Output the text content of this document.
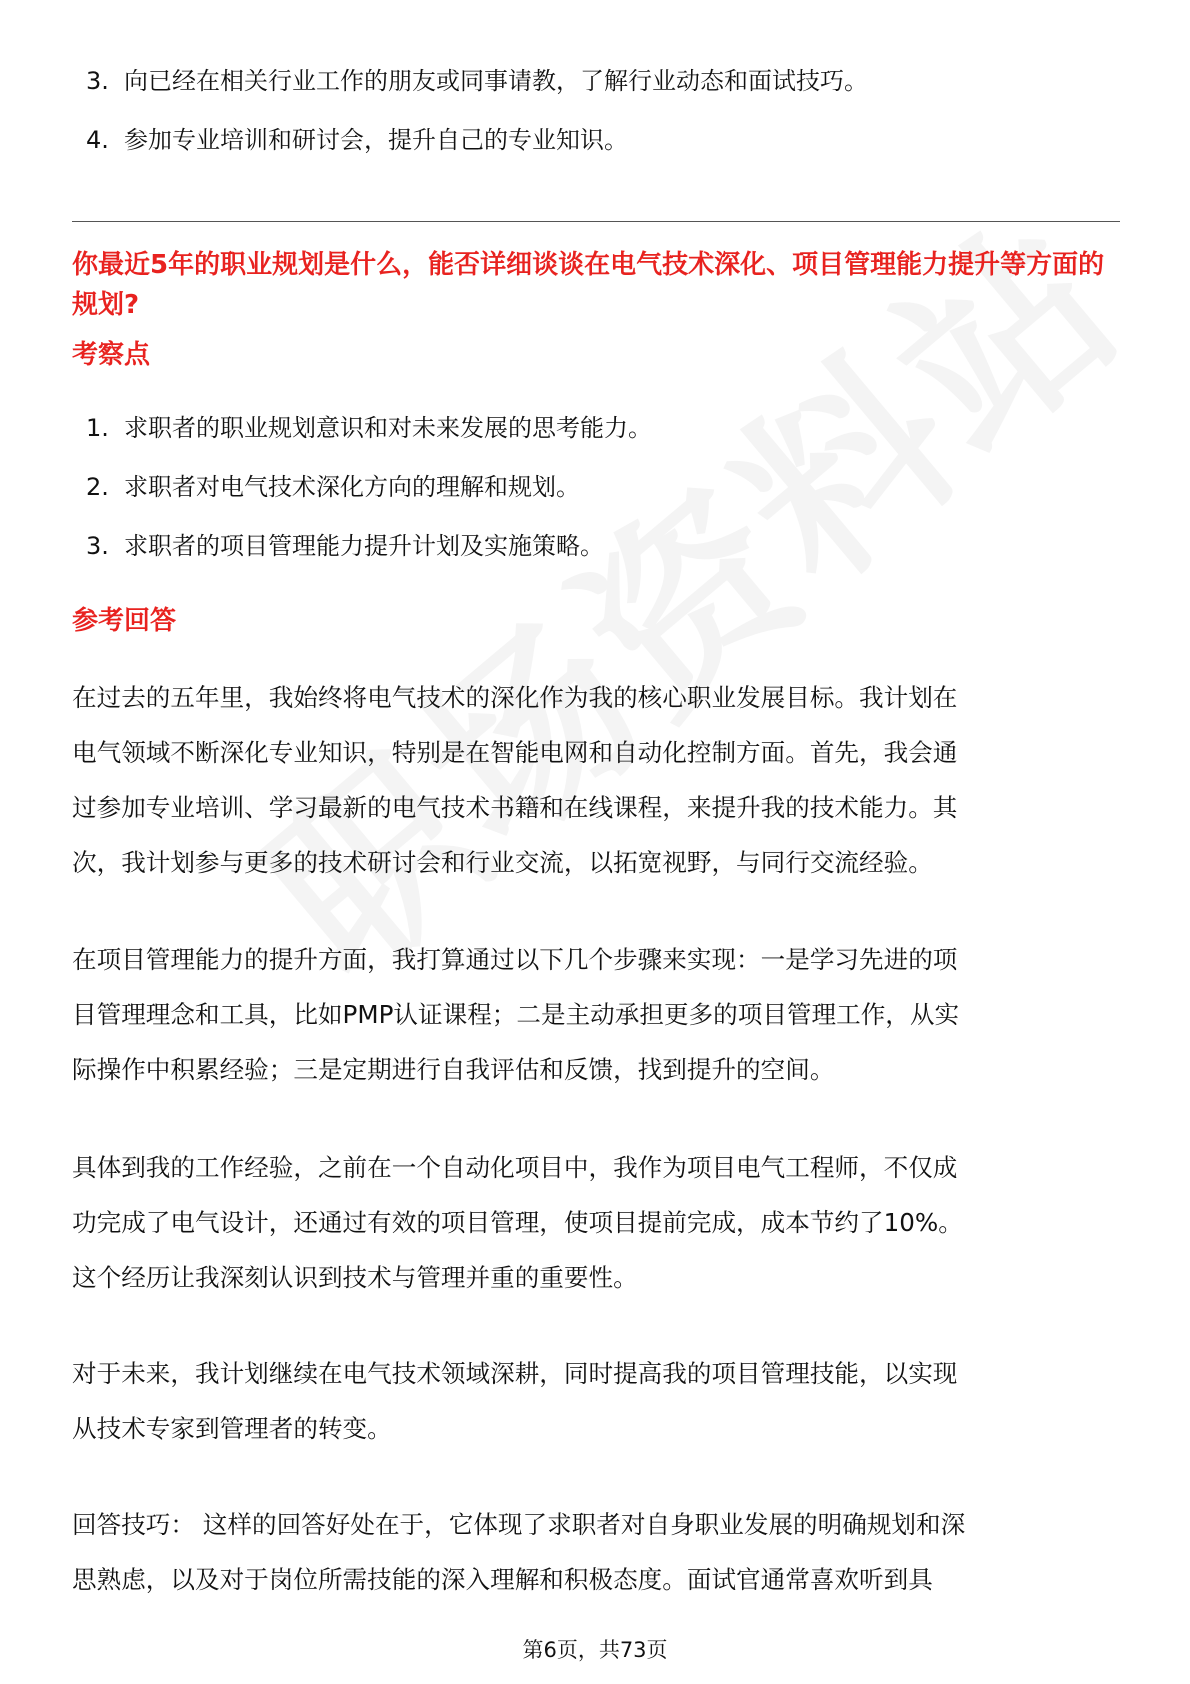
3. 向已经在相关行业工作的朋友或同事请教，了解行业动态和面试技巧。
4. 参加专业培训和研讨会，提升自己的专业知识。

你最近5年的职业规划是什么，能否详细谈谈在电气技术深化、项目管理能力提升等方面的规划?

考察点

1. 求职者的职业规划意识和对未来发展的思考能力。
2. 求职者对电气技术深化方向的理解和规划。
3. 求职者的项目管理能力提升计划及实施策略。

参考回答

在过去的五年里，我始终将电气技术的深化作为我的核心职业发展目标。我计划在
电气领域不断深化专业知识，特别是在智能电网和自动化控制方面。首先，我会通
过参加专业培训、学习最新的电气技术书籍和在线课程，来提升我的技术能力。其
次，我计划参与更多的技术研讨会和行业交流，以拓宽视野，与同行交流经验。

在项目管理能力的提升方面，我打算通过以下几个步骤来实现：一是学习先进的项
目管理理念和工具，比如PMP认证课程；二是主动承担更多的项目管理工作，从实
际操作中积累经验；三是定期进行自我评估和反馈，找到提升的空间。

具体到我的工作经验，之前在一个自动化项目中，我作为项目电气工程师，不仅成
功完成了电气设计，还通过有效的项目管理，使项目提前完成，成本节约了10%。
这个经历让我深刻认识到技术与管理并重的重要性。

对于未来，我计划继续在电气技术领域深耕，同时提高我的项目管理技能，以实现
从技术专家到管理者的转变。

回答技巧： 这样的回答好处在于，它体现了求职者对自身职业发展的明确规划和深
思熟虑，以及对于岗位所需技能的深入理解和积极态度。面试官通常喜欢听到具

第6页，共73页
